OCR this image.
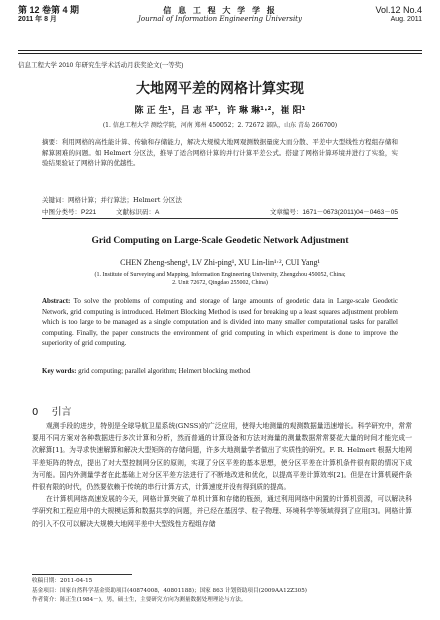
第 12 卷第 4 期
2011 年 8 月
信 息 工 程 大 学 学 报
Journal of Information Engineering University
Vol.12 No.4
Aug. 2011
信息工程大学 2010 年研究生学术活动月获奖论文(一等奖)
大地网平差的网格计算实现
陈 正 生¹，吕 志 平¹，许 琳 琳¹·²，崔 阳¹
(1. 信息工程大学 测绘学院，河南 郑州 450052；2. 72672 部队，山东 青岛 266700)
摘要：利用网格的高性能计算、传输和存储能力，解决大规模大地网观测数据量庞大而分散、平差中大型线性方程组存储和解算困难的问题。如 Helmert 分区法，推导了适合网格计算的并行计算平差公式。搭建了网格计算环境并进行了实验，实验结果验证了网格计算的优越性。
关键词：网格计算；并行算法；Helmert 分区法
中图分类号：P221	文献标识码：A	文章编号：1671－0673(2011)04－0463－05
Grid Computing on Large-Scale Geodetic Network Adjustment
CHEN Zheng-sheng¹, LV Zhi-ping¹, XU Lin-lin¹·², CUI Yang¹
(1. Institute of Surveying and Mapping, Information Engineering University, Zhengzhou 450052, China;
2. Unit 72672, Qingdao 255002, China)
Abstract: To solve the problems of computing and storage of large amounts of geodetic data in Large-scale Geodetic Network, grid computing is introduced. Helmert Blocking Method is used for breaking up a least squares adjustment problem which is too large to be managed as a single computation and is divided into many smaller computational tasks for parallel computing. Finally, the paper constructs the environment of grid computing in which experiment is done to improve the superiority of grid computing.
Key words: grid computing; parallel algorithm; Helmert blocking method
0 引言

观测手段的进步，特别是全球导航卫星系统(GNSS)的广泛应用，使得大地测量的观测数据量迅速增长。科学研究中，常常要用不同方案对各种数据进行多次计算和分析，然而普通的计算设备和方法对海量的测量数据常常要花大量的时间才能完成一次解算[1]。为寻求快速解算和解决大型矩阵的存储问题，许多大地测量学者做出了实质性的研究。F. R. Helmert 根据大地网平差矩阵的特点，提出了对大型控制网分区的原则，实现了分区平差的基本思想，使分区平差在计算机条件很有限的情况下成为可能。国内外测量学者在此基础上对分区平差方法进行了不断地改进和优化，以提高平差计算效率[2]。但是在计算机硬件条件很有限的时代，仍然要依赖于传统的串行计算方式，计算速度并没有得到质的提高。

在计算机网络高速发展的今天，网格计算突破了单机计算和存储的瓶颈，通过利用网络中闲置的计算机资源，可以解决科学研究和工程应用中的大规模运算和数据共享的问题，并已经在基因学、粒子物理、环境科学等领域得到了应用[3]。网格计算的引入不仅可以解决大规模大地网平差中大型线性方程组存储

收稿日期：2011-04-15
基金项目：国家自然科学基金资助项目(40874008，40801188)；国家 863 计划资助项目(2009AA12Z305)
作者简介：陈正生(1984－)，男，硕士生，主要研究方向为测量数据处理理论与方法。
